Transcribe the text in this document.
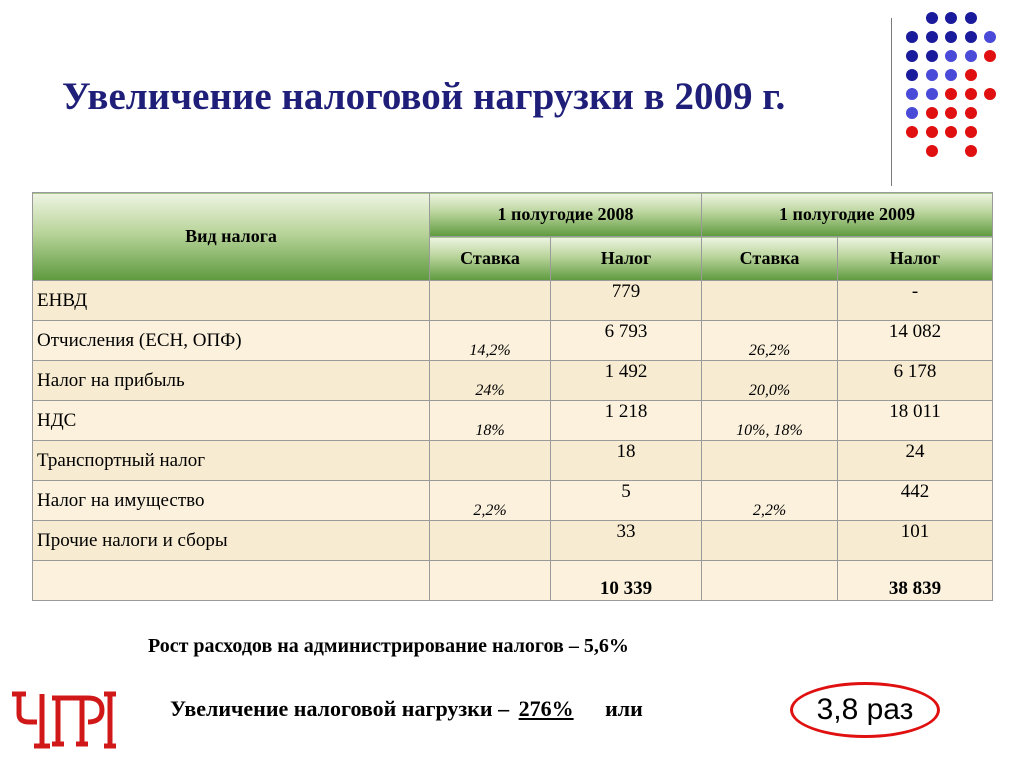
Увеличение налоговой нагрузки в 2009 г.
Вид налога	1 полугодие 2008		1 полугодие 2009	
	Ставка	Налог	Ставка	Налог
ЕНВД		779		-
Отчисления (ЕСН, ОПФ)	14,2%	6 793	26,2%	14 082
Налог на прибыль	24%	1 492	20,0%	6 178
НДС	18%	1 218	10%, 18%	18 011
Транспортный налог		18		24
Налог на имущество	2,2%	5	2,2%	442
Прочие налоги и сборы		33		101
		10 339		38 839
Рост расходов на администрирование налогов – 5,6%
Увеличение налоговой нагрузки – 276% или	3,8 раз
